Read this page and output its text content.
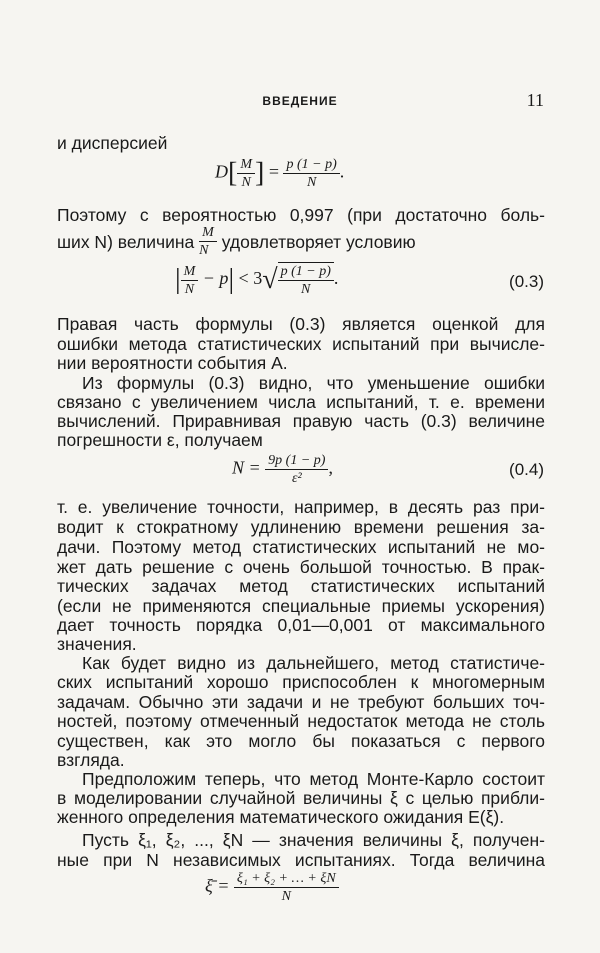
ВВЕДЕНИЕ	11
и дисперсией
$D[ \frac{M}{N}$ ] = $\frac{p (1 - p)}{N}$ .
Поэтому с вероятностью 0,997 (при достаточно боль-
ших N) величина $\frac{M}{N}$ удовлетворяет условию
| $\frac{M}{N} - p| < 3√ \frac{p (1 - p)}{N}$ .	(0.3)
Правая часть формулы (0.3) является оценкой для
ошибки метода статистических испытаний при вычисле-
нии вероятности события A.
Из формулы (0.3) видно, что уменьшение ошибки
связано с увеличением числа испытаний, т. е. времени
вычислений. Приравнивая правую часть (0.3) величине
погрешности ε, получаем
$N = \frac{9p (1 - p)}{\text{ε²}}$ ,	(0.4)
т. е. увеличение точности, например, в десять раз при-
водит к стократному удлинению времени решения за-
дачи. Поэтому метод статистических испытаний не мо-
жет дать решение с очень большой точностью. В прак-
тических задачах метод статистических испытаний
(если не применяются специальные приемы ускорения)
дает точность порядка 0,01—0,001 от максимального
значения.
Как будет видно из дальнейшего, метод статистиче-
ских испытаний хорошо приспособлен к многомерным
задачам. Обычно эти задачи и не требуют больших точ-
ностей, поэтому отмеченный недостаток метода не столь
существен, как это могло бы показаться с первого
взгляда.
Предположим теперь, что метод Монте-Карло состоит
в моделировании случайной величины ξ с целью прибли-
женного определения математического ожидания E(ξ).
Пусть ξ₁, ξ₂, ..., ξN — значения величины ξ, получен-
ные при N независимых испытаниях. Тогда величина
ξ̄ = $\frac{\text{ξ₁ + ξ₂ + … + ξN}}{N}$
